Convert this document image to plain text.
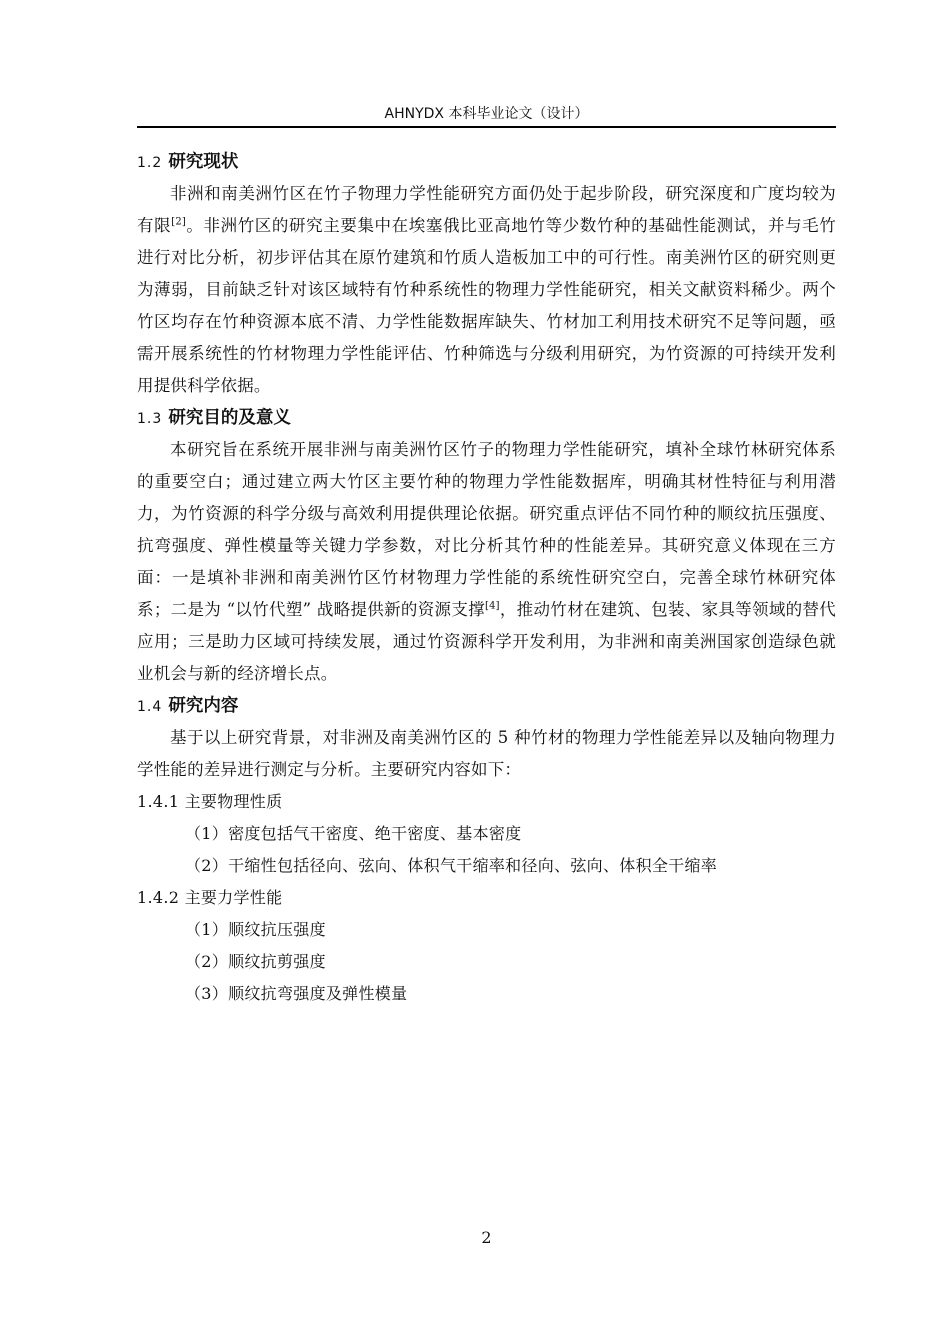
AHNYDX 本科毕业论文（设计）
1.2 研究现状

非洲和南美洲竹区在竹子物理力学性能研究方面仍处于起步阶段，研究深度和广度均较为有限[2]。非洲竹区的研究主要集中在埃塞俄比亚高地竹等少数竹种的基础性能测试，并与毛竹进行对比分析，初步评估其在原竹建筑和竹质人造板加工中的可行性。南美洲竹区的研究则更为薄弱，目前缺乏针对该区域特有竹种系统性的物理力学性能研究，相关文献资料稀少。两个竹区均存在竹种资源本底不清、力学性能数据库缺失、竹材加工利用技术研究不足等问题，亟需开展系统性的竹材物理力学性能评估、竹种筛选与分级利用研究，为竹资源的可持续开发利用提供科学依据。

1.3 研究目的及意义

本研究旨在系统开展非洲与南美洲竹区竹子的物理力学性能研究，填补全球竹林研究体系的重要空白；通过建立两大竹区主要竹种的物理力学性能数据库，明确其材性特征与利用潜力，为竹资源的科学分级与高效利用提供理论依据。研究重点评估不同竹种的顺纹抗压强度、抗弯强度、弹性模量等关键力学参数，对比分析其竹种的性能差异。其研究意义体现在三方面：一是填补非洲和南美洲竹区竹材物理力学性能的系统性研究空白，完善全球竹林研究体系；二是为 “以竹代塑” 战略提供新的资源支撑[4]，推动竹材在建筑、包装、家具等领域的替代应用；三是助力区域可持续发展，通过竹资源科学开发利用，为非洲和南美洲国家创造绿色就业机会与新的经济增长点。

1.4 研究内容

基于以上研究背景，对非洲及南美洲竹区的 5 种竹材的物理力学性能差异以及轴向物理力学性能的差异进行测定与分析。主要研究内容如下：

1.4.1 主要物理性质
（1）密度包括气干密度、绝干密度、基本密度
（2）干缩性包括径向、弦向、体积气干缩率和径向、弦向、体积全干缩率
1.4.2 主要力学性能
（1）顺纹抗压强度
（2）顺纹抗剪强度
（3）顺纹抗弯强度及弹性模量
2
